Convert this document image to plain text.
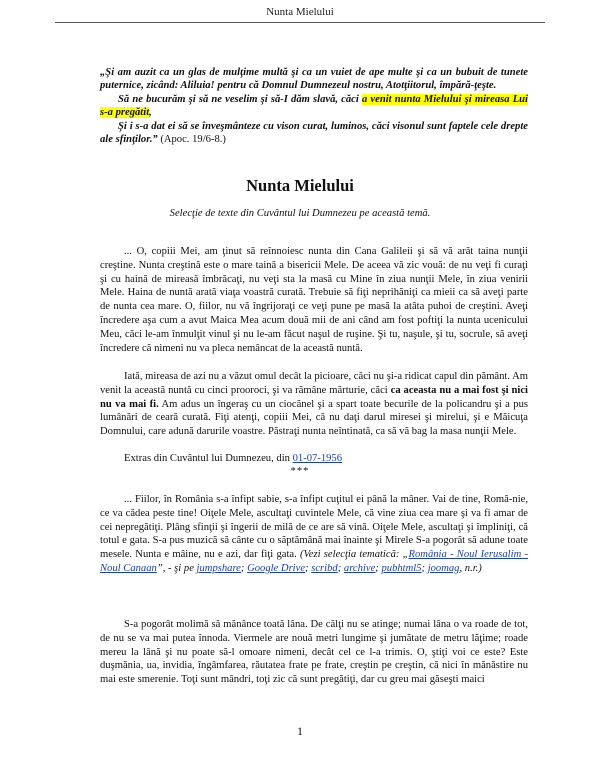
Nunta Mielului

„Şi am auzit ca un glas de mulţime multă şi ca un vuiet de ape multe şi ca un bubuit de tunete puternice, zicând: Aliluia! pentru că Domnul Dumnezeul nostru, Atotţiitorul, împără-ţeşte.

Să ne bucurăm şi să ne veselim şi să-I dăm slavă, căci a venit nunta Mielului şi mireasa Lui s-a pregătit,

Şi i s-a dat ei să se înveşmânteze cu vison curat, luminos, căci visonul sunt faptele cele drepte ale sfinţilor.” (Apoc. 19/6-8.)

Nunta Mielului
Selecţie de texte din Cuvântul lui Dumnezeu pe această temă.

... O, copiii Mei, am ţinut să reînnoiesc nunta din Cana Galileii şi să vă arăt taina nunţii creştine. Nunta creştină este o mare taină a bisericii Mele. De aceea vă zic vouă: de nu veţi fi curaţi şi cu haină de mireasă îmbrăcaţi, nu veţi sta la masă cu Mine în ziua nunţii Mele, în ziua venirii Mele. Haina de nuntă arată viaţa voastră curată. Trebuie să fiţi neprihăniţi ca mieii ca să aveţi parte de nunta cea mare. O, fiilor, nu vă îngrijoraţi ce veţi pune pe masă la atâta puhoi de creştini. Aveţi încredere aşa cum a avut Maica Mea acum două mii de ani când am fost poftiţi la nunta ucenicului Meu, căci le-am înmulţit vinul şi nu le-am făcut naşul de ruşine. Şi tu, naşule, şi tu, socrule, să aveţi încredere că nimeni nu va pleca nemâncat de la această nuntă.

Iată, mireasa de azi nu a văzut omul decât la picioare, căci nu şi-a ridicat capul din pământ. Am venit la această nuntă cu cinci prooroci, şi va rămâne mărturie, căci ca aceasta nu a mai fost şi nici nu va mai fi. Am adus un îngeraş cu un ciocănel şi a spart toate becurile de la policandru şi a pus lumânări de ceară curată. Fiţi atenţi, copiii Mei, că nu daţi darul miresei şi mirelui, şi e Măicuţa Domnului, care adună darurile voastre. Păstraţi nunta neîntinată, ca să vă bag la masa nunţii Mele.

Extras din Cuvântul lui Dumnezeu, din 01-07-1956
***

... Fiilor, în România s-a înfipt sabie, s-a înfipt cuţitul ei până la mâner. Vai de tine, Româ-nie, ce va cădea peste tine! Oiţele Mele, ascultaţi cuvintele Mele, că vine ziua cea mare şi va fi amar de cei nepregătiţi. Plâng sfinţii şi îngerii de milă de ce are să vină. Oiţele Mele, ascultaţi şi împliniţi, că totul e gata. S-a pus muzică să cânte cu o săptămână mai înainte şi Mirele S-a pogorât să adune toate mesele. Nunta e mâine, nu e azi, dar fiţi gata. (Vezi selecţia tematică: „România - Noul Ierusalim - Noul Canaan”, - şi pe jumpshare; Google Drive; scribd; archive; pubhtml5; joomag, n.r.)

S-a pogorât molimă să mănânce toată lâna. De călţi nu se atinge; numai lâna o va roade de tot, de nu se va mai putea înnoda. Viermele are nouă metri lungime şi jumătate de metru lăţime; roade mereu la lână şi nu poate să-l omoare nimeni, decât cel ce l-a trimis. O, ştiţi voi ce este? Este duşmănia, ua, invidia, îngâmfarea, răutatea frate pe frate, creştin pe creştin, că nici în mănăstire nu mai este smerenie. Toţi sunt mândri, toţi zic că sunt pregătiţi, dar cu greu mai găseşti maici

1
